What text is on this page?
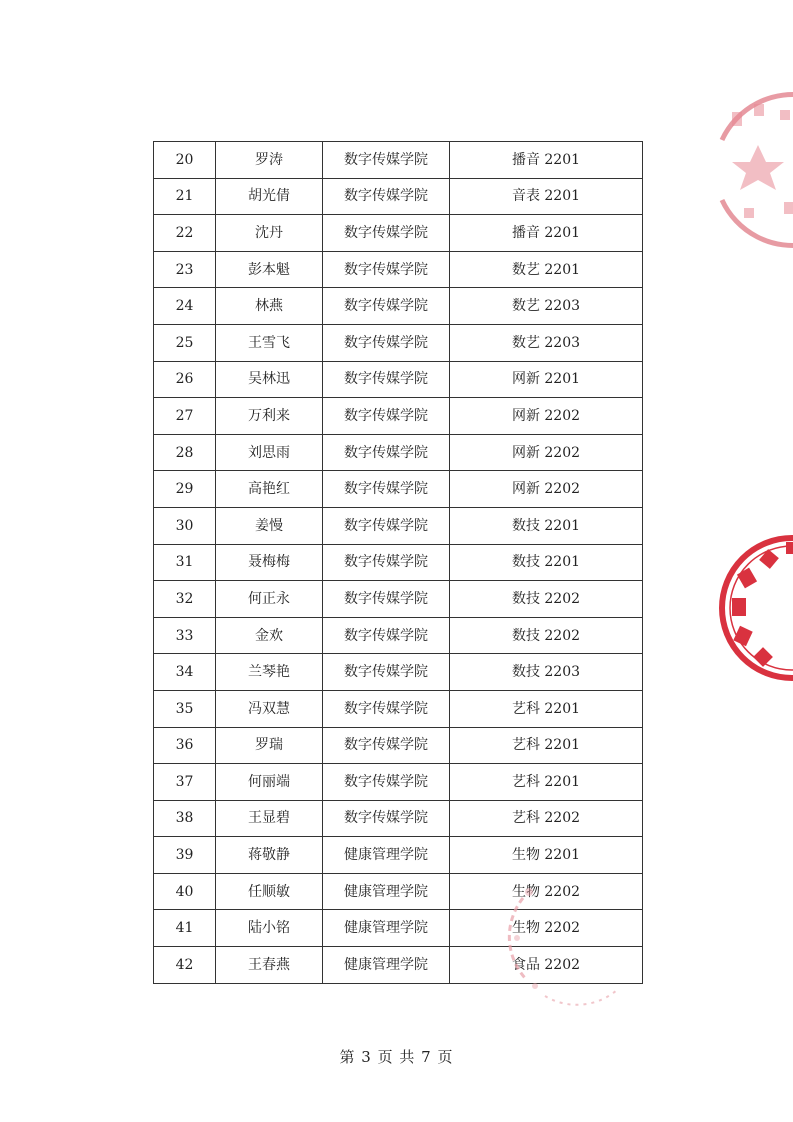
20	罗涛	数字传媒学院	播音 2201
21	胡光倩	数字传媒学院	音表 2201
22	沈丹	数字传媒学院	播音 2201
23	彭本魁	数字传媒学院	数艺 2201
24	林燕	数字传媒学院	数艺 2203
25	王雪飞	数字传媒学院	数艺 2203
26	吴林迅	数字传媒学院	网新 2201
27	万利来	数字传媒学院	网新 2202
28	刘思雨	数字传媒学院	网新 2202
29	高艳红	数字传媒学院	网新 2202
30	姜慢	数字传媒学院	数技 2201
31	聂梅梅	数字传媒学院	数技 2201
32	何正永	数字传媒学院	数技 2202
33	金欢	数字传媒学院	数技 2202
34	兰琴艳	数字传媒学院	数技 2203
35	冯双慧	数字传媒学院	艺科 2201
36	罗瑞	数字传媒学院	艺科 2201
37	何丽端	数字传媒学院	艺科 2201
38	王显碧	数字传媒学院	艺科 2202
39	蒋敬静	健康管理学院	生物 2201
40	任顺敏	健康管理学院	生物 2202
41	陆小铭	健康管理学院	生物 2202
42	王春燕	健康管理学院	食品 2202
第 3 页 共 7 页
